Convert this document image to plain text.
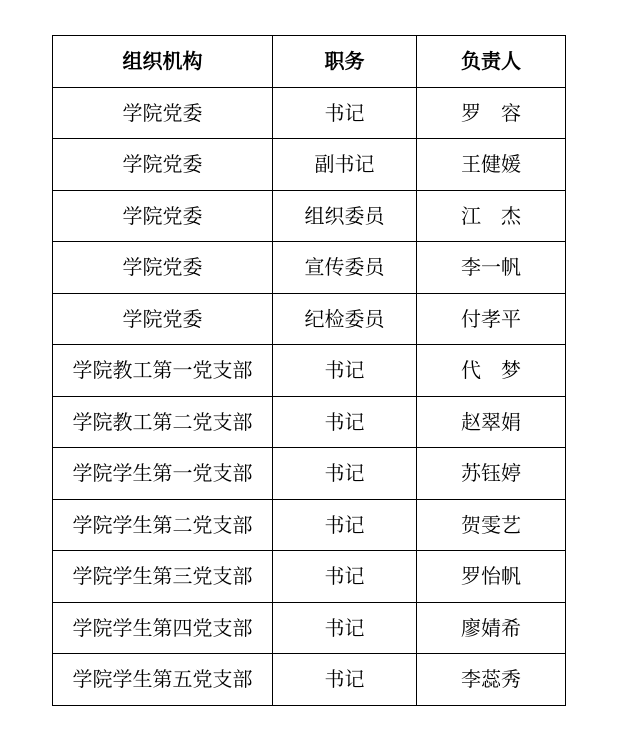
组织机构	职务	负责人
学院党委	书记	罗　容
学院党委	副书记	王健媛
学院党委	组织委员	江　杰
学院党委	宣传委员	李一帆
学院党委	纪检委员	付孝平
学院教工第一党支部	书记	代　梦
学院教工第二党支部	书记	赵翠娟
学院学生第一党支部	书记	苏钰婷
学院学生第二党支部	书记	贺雯艺
学院学生第三党支部	书记	罗怡帆
学院学生第四党支部	书记	廖婧希
学院学生第五党支部	书记	李蕊秀
